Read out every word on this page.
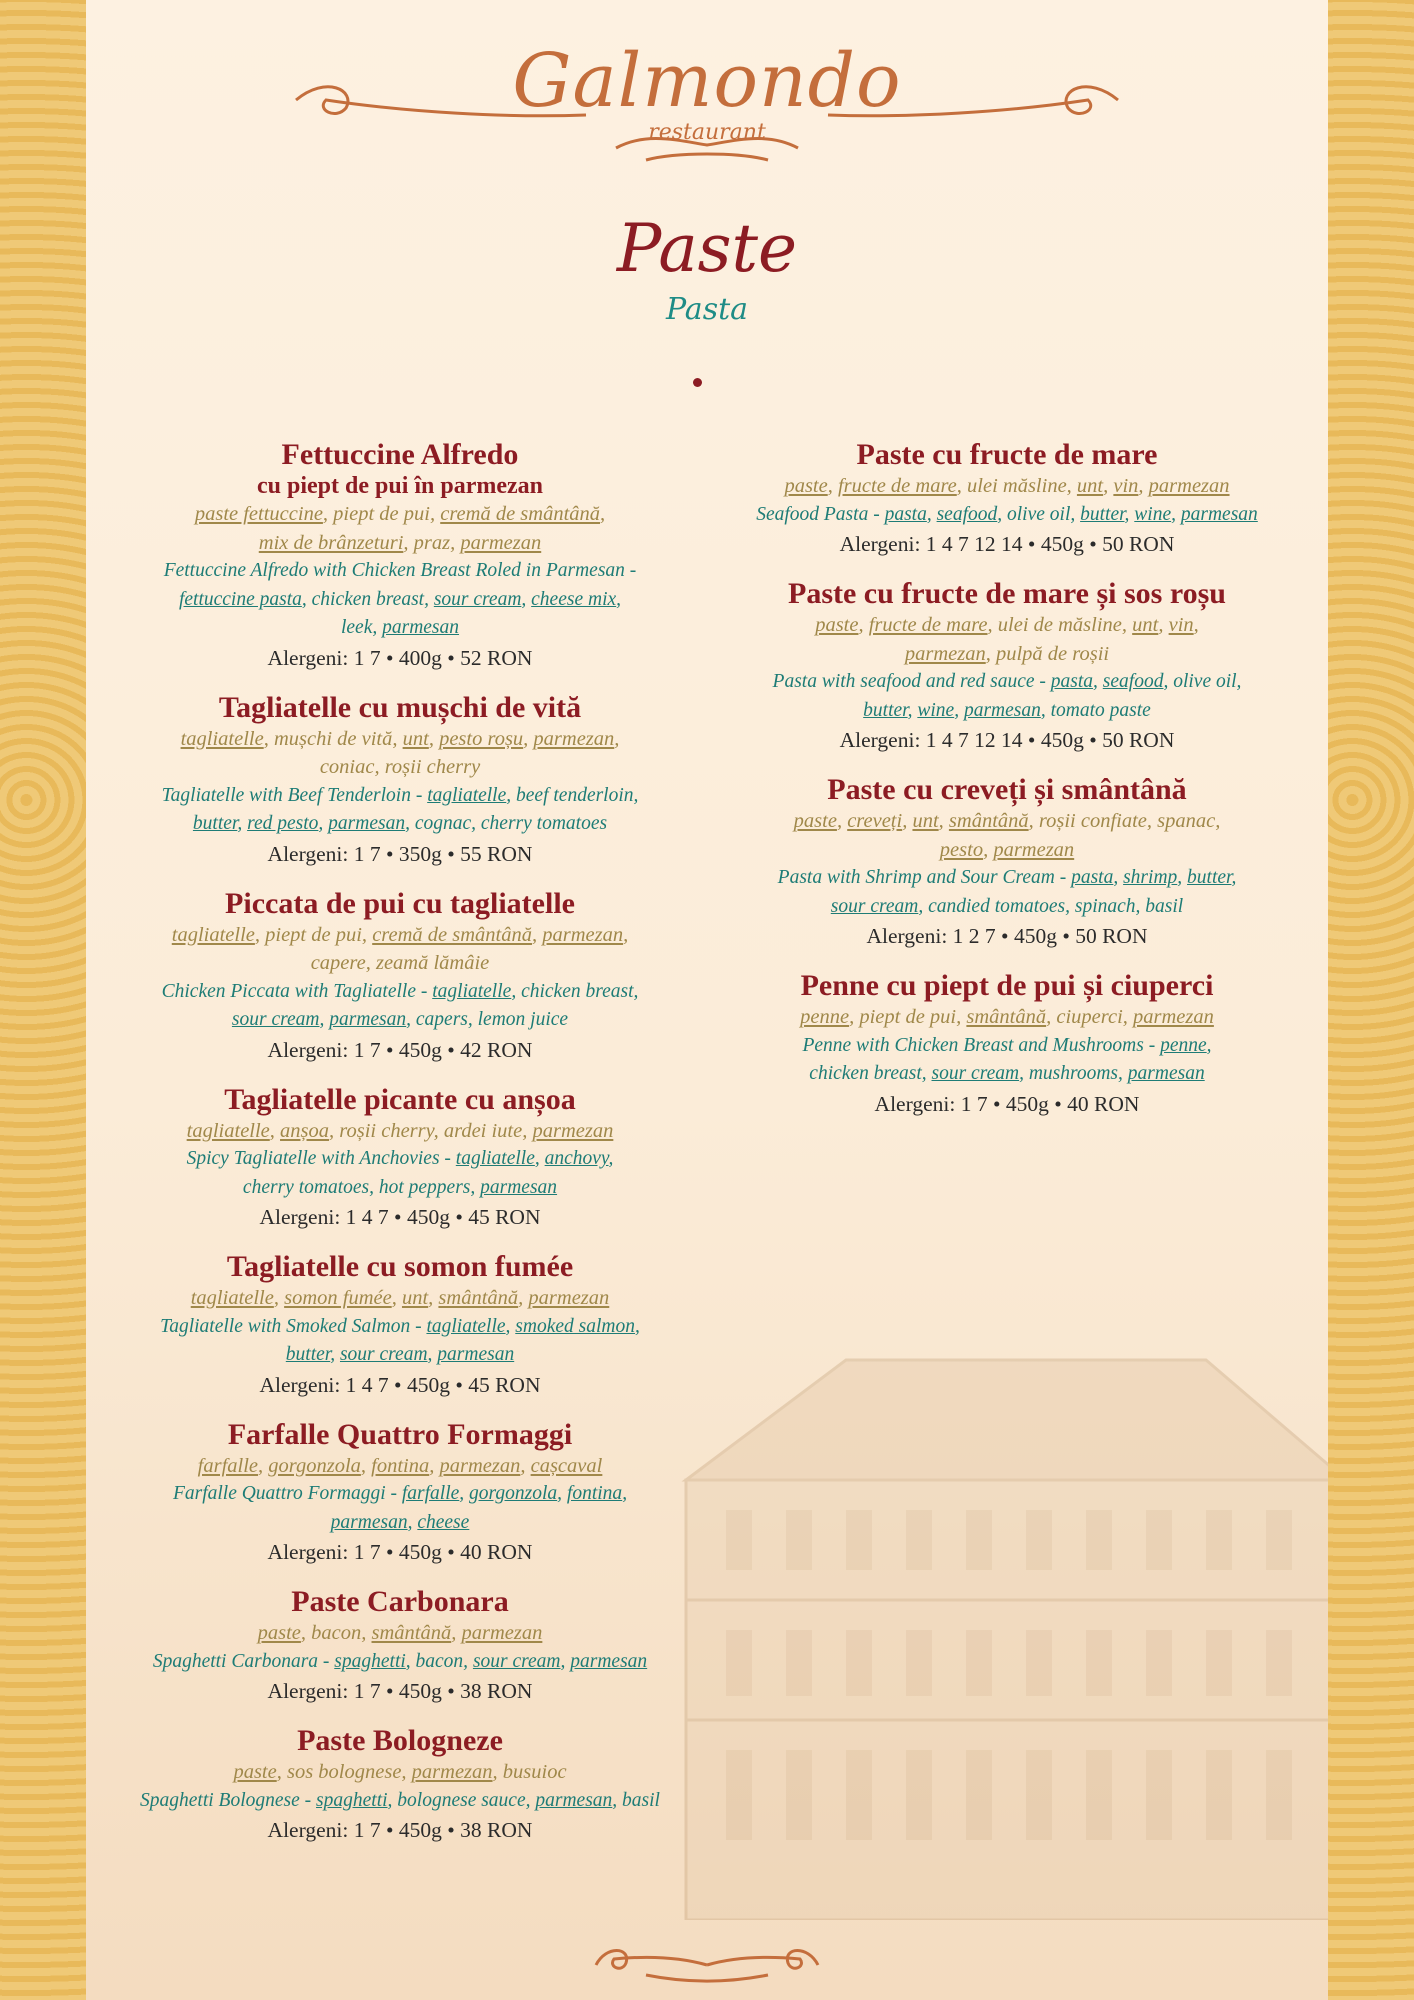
Galmondo
restaurant
Paste
Pasta
Fettuccine Alfredo
cu piept de pui în parmezan
paste fettuccine, piept de pui, cremă de smântână,
mix de brânzeturi, praz, parmezan
Fettuccine Alfredo with Chicken Breast Roled in Parmesan -
fettuccine pasta, chicken breast, sour cream, cheese mix,
leek, parmesan
Alergeni: 1 7 • 400g • 52 RON
Tagliatelle cu mușchi de vită
tagliatelle, mușchi de vită, unt, pesto roșu, parmezan,
coniac, roșii cherry
Tagliatelle with Beef Tenderloin - tagliatelle, beef tenderloin,
butter, red pesto, parmesan, cognac, cherry tomatoes
Alergeni: 1 7 • 350g • 55 RON
Piccata de pui cu tagliatelle
tagliatelle, piept de pui, cremă de smântână, parmezan,
capere, zeamă lămâie
Chicken Piccata with Tagliatelle - tagliatelle, chicken breast,
sour cream, parmesan, capers, lemon juice
Alergeni: 1 7 • 450g • 42 RON
Tagliatelle picante cu anșoa
tagliatelle, anșoa, roșii cherry, ardei iute, parmezan
Spicy Tagliatelle with Anchovies - tagliatelle, anchovy,
cherry tomatoes, hot peppers, parmesan
Alergeni: 1 4 7 • 450g • 45 RON
Tagliatelle cu somon fumée
tagliatelle, somon fumée, unt, smântână, parmezan
Tagliatelle with Smoked Salmon - tagliatelle, smoked salmon,
butter, sour cream, parmesan
Alergeni: 1 4 7 • 450g • 45 RON
Farfalle Quattro Formaggi
farfalle, gorgonzola, fontina, parmezan, cașcaval
Farfalle Quattro Formaggi - farfalle, gorgonzola, fontina,
parmesan, cheese
Alergeni: 1 7 • 450g • 40 RON
Paste Carbonara
paste, bacon, smântână, parmezan
Spaghetti Carbonara - spaghetti, bacon, sour cream, parmesan
Alergeni: 1 7 • 450g • 38 RON
Paste Bologneze
paste, sos bolognese, parmezan, busuioc
Spaghetti Bolognese - spaghetti, bolognese sauce, parmesan, basil
Alergeni: 1 7 • 450g • 38 RON
Paste cu fructe de mare
paste, fructe de mare, ulei măsline, unt, vin, parmezan
Seafood Pasta - pasta, seafood, olive oil, butter, wine, parmesan
Alergeni: 1 4 7 12 14 • 450g • 50 RON
Paste cu fructe de mare și sos roșu
paste, fructe de mare, ulei de măsline, unt, vin,
parmezan, pulpă de roșii
Pasta with seafood and red sauce - pasta, seafood, olive oil,
butter, wine, parmesan, tomato paste
Alergeni: 1 4 7 12 14 • 450g • 50 RON
Paste cu creveți și smântână
paste, creveți, unt, smântână, roșii confiate, spanac,
pesto, parmezan
Pasta with Shrimp and Sour Cream - pasta, shrimp, butter,
sour cream, candied tomatoes, spinach, basil
Alergeni: 1 2 7 • 450g • 50 RON
Penne cu piept de pui și ciuperci
penne, piept de pui, smântână, ciuperci, parmezan
Penne with Chicken Breast and Mushrooms - penne,
chicken breast, sour cream, mushrooms, parmesan
Alergeni: 1 7 • 450g • 40 RON
